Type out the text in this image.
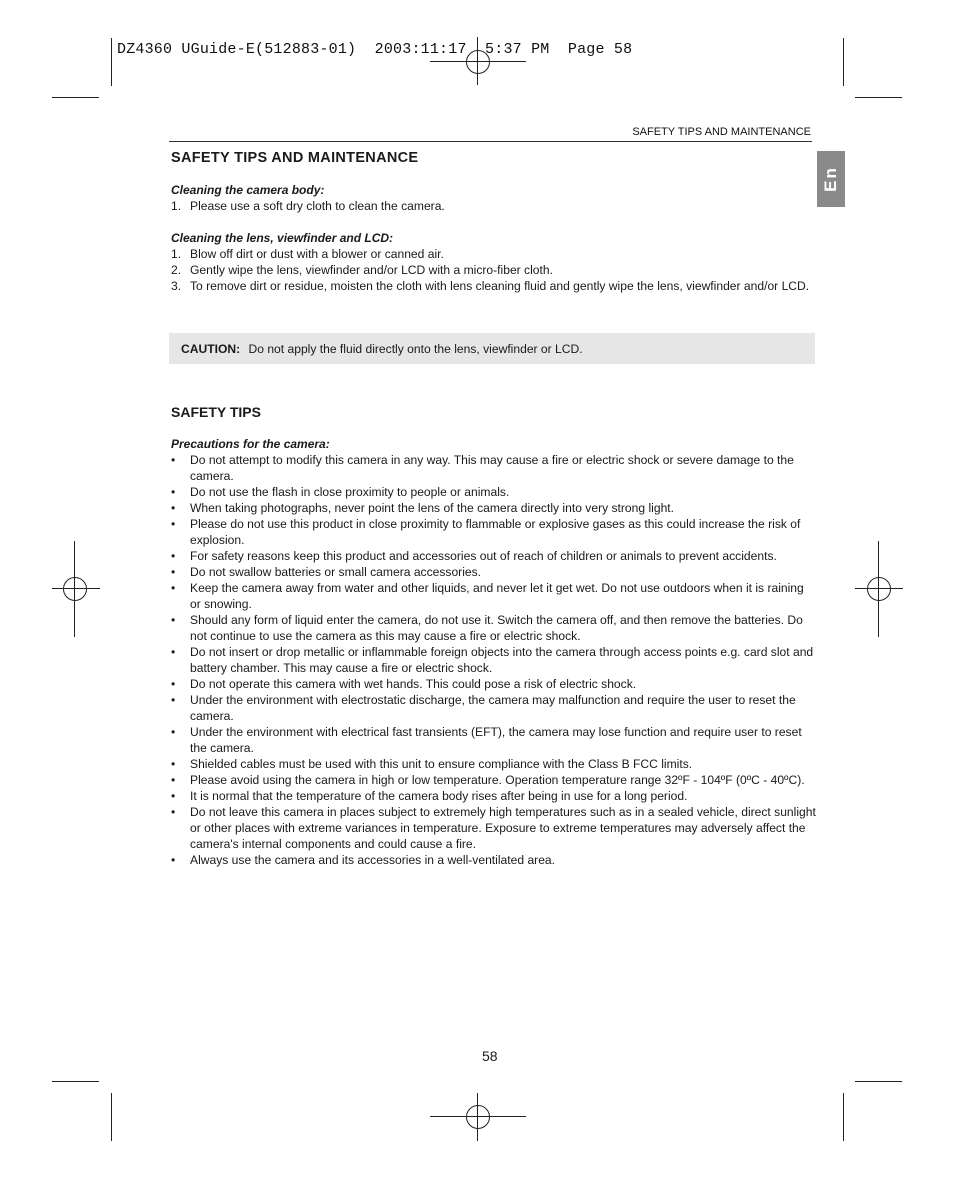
DZ4360 UGuide-E(512883-01)  2003:11:17  5:37 PM  Page 58
SAFETY TIPS AND MAINTENANCE
En
SAFETY TIPS AND MAINTENANCE
Cleaning the camera body:
1. Please use a soft dry cloth to clean the camera.
Cleaning the lens, viewfinder and LCD:
1. Blow off dirt or dust with a blower or canned air.
2. Gently wipe the lens, viewfinder and/or LCD with a micro-fiber cloth.
3. To remove dirt or residue, moisten the cloth with lens cleaning fluid and gently wipe the lens, viewfinder and/or LCD.
CAUTION: Do not apply the fluid directly onto the lens, viewfinder or LCD.
SAFETY TIPS
Precautions for the camera:
• Do not attempt to modify this camera in any way. This may cause a fire or electric shock or severe damage to the camera.
• Do not use the flash in close proximity to people or animals.
• When taking photographs, never point the lens of the camera directly into very strong light.
• Please do not use this product in close proximity to flammable or explosive gases as this could increase the risk of explosion.
• For safety reasons keep this product and accessories out of reach of children or animals to prevent accidents.
• Do not swallow batteries or small camera accessories.
• Keep the camera away from water and other liquids, and never let it get wet. Do not use outdoors when it is raining or snowing.
• Should any form of liquid enter the camera, do not use it. Switch the camera off, and then remove the batteries. Do not continue to use the camera as this may cause a fire or electric shock.
• Do not insert or drop metallic or inflammable foreign objects into the camera through access points e.g. card slot and battery chamber. This may cause a fire or electric shock.
• Do not operate this camera with wet hands. This could pose a risk of electric shock.
• Under the environment with electrostatic discharge, the camera may malfunction and require the user to reset the camera.
• Under the environment with electrical fast transients (EFT), the camera may lose function and require user to reset the camera.
• Shielded cables must be used with this unit to ensure compliance with the Class B FCC limits.
• Please avoid using the camera in high or low temperature. Operation temperature range 32ºF - 104ºF (0ºC - 40ºC).
• It is normal that the temperature of the camera body rises after being in use for a long period.
• Do not leave this camera in places subject to extremely high temperatures such as in a sealed vehicle, direct sunlight or other places with extreme variances in temperature. Exposure to extreme temperatures may adversely affect the camera's internal components and could cause a fire.
• Always use the camera and its accessories in a well-ventilated area.
58
